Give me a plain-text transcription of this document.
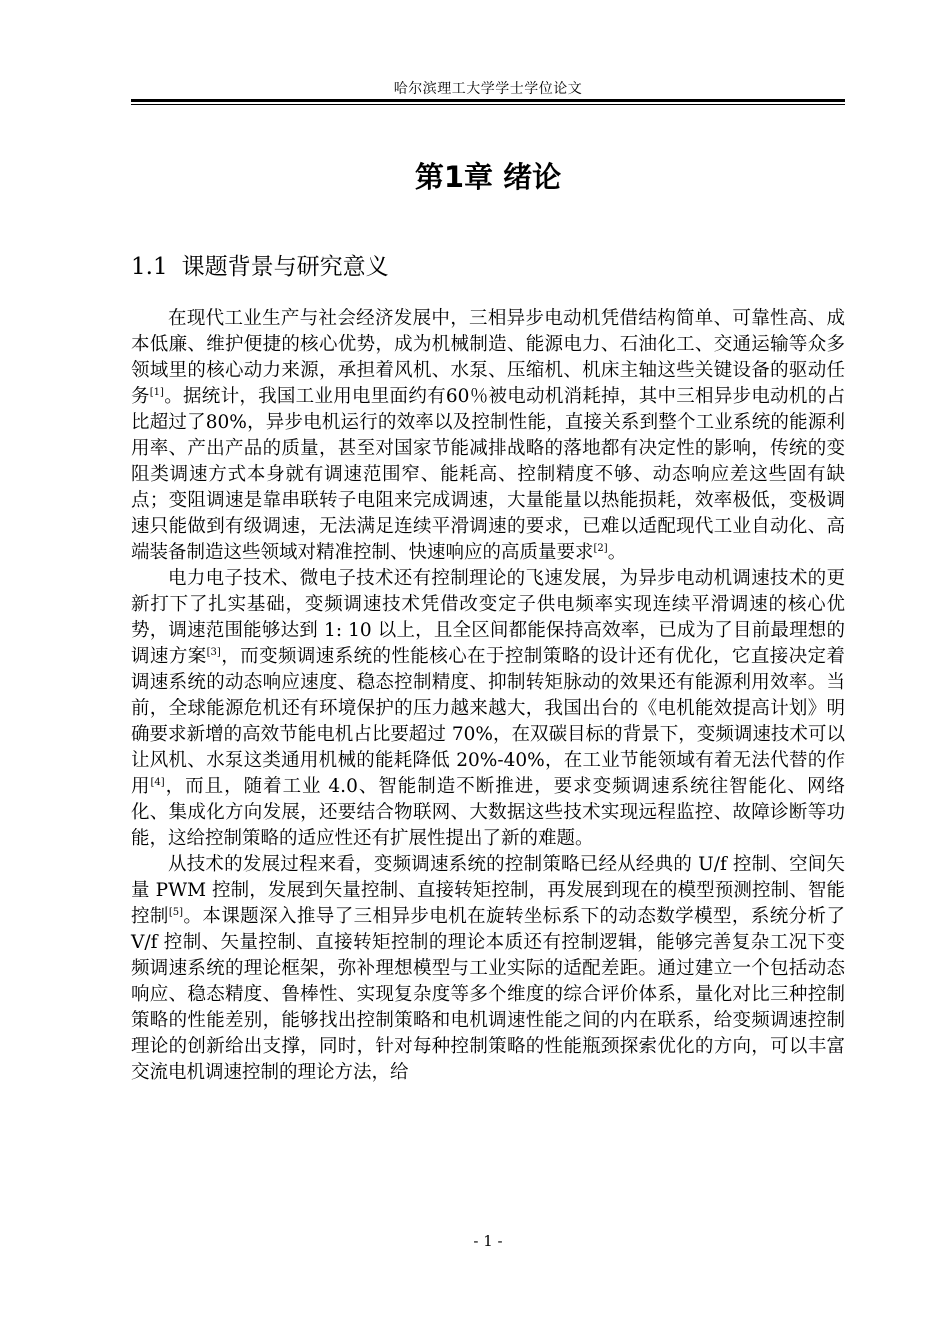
哈尔滨理工大学学士学位论文
第1章 绪论
1.1 课题背景与研究意义

在现代工业生产与社会经济发展中，三相异步电动机凭借结构简单、可靠性高、成本低廉、维护便捷的核心优势，成为机械制造、能源电力、石油化工、交通运输等众多领域里的核心动力来源，承担着风机、水泵、压缩机、机床主轴这些关键设备的驱动任务[1]。据统计，我国工业用电里面约有60％被电动机消耗掉，其中三相异步电动机的占比超过了80%，异步电机运行的效率以及控制性能，直接关系到整个工业系统的能源利用率、产出产品的质量，甚至对国家节能减排战略的落地都有决定性的影响，传统的变阻类调速方式本身就有调速范围窄、能耗高、控制精度不够、动态响应差这些固有缺点；变阻调速是靠串联转子电阻来完成调速，大量能量以热能损耗，效率极低，变极调速只能做到有级调速，无法满足连续平滑调速的要求，已难以适配现代工业自动化、高端装备制造这些领域对精准控制、快速响应的高质量要求[2]。

电力电子技术、微电子技术还有控制理论的飞速发展，为异步电动机调速技术的更新打下了扎实基础，变频调速技术凭借改变定子供电频率实现连续平滑调速的核心优势，调速范围能够达到 1: 10 以上，且全区间都能保持高效率，已成为了目前最理想的调速方案[3]，而变频调速系统的性能核心在于控制策略的设计还有优化，它直接决定着调速系统的动态响应速度、稳态控制精度、抑制转矩脉动的效果还有能源利用效率。当前，全球能源危机还有环境保护的压力越来越大，我国出台的《电机能效提高计划》明确要求新增的高效节能电机占比要超过 70%，在双碳目标的背景下，变频调速技术可以让风机、水泵这类通用机械的能耗降低 20%-40%，在工业节能领域有着无法代替的作用[4]，而且，随着工业 4.0、智能制造不断推进，要求变频调速系统往智能化、网络化、集成化方向发展，还要结合物联网、大数据这些技术实现远程监控、故障诊断等功能，这给控制策略的适应性还有扩展性提出了新的难题。

从技术的发展过程来看，变频调速系统的控制策略已经从经典的 U/f 控制、空间矢量 PWM 控制，发展到矢量控制、直接转矩控制，再发展到现在的模型预测控制、智能控制[5]。本课题深入推导了三相异步电机在旋转坐标系下的动态数学模型，系统分析了 V/f 控制、矢量控制、直接转矩控制的理论本质还有控制逻辑，能够完善复杂工况下变频调速系统的理论框架，弥补理想模型与工业实际的适配差距。通过建立一个包括动态响应、稳态精度、鲁棒性、实现复杂度等多个维度的综合评价体系，量化对比三种控制策略的性能差别，能够找出控制策略和电机调速性能之间的内在联系，给变频调速控制理论的创新给出支撑，同时，针对每种控制策略的性能瓶颈探索优化的方向，可以丰富交流电机调速控制的理论方法，给

- 1 -
